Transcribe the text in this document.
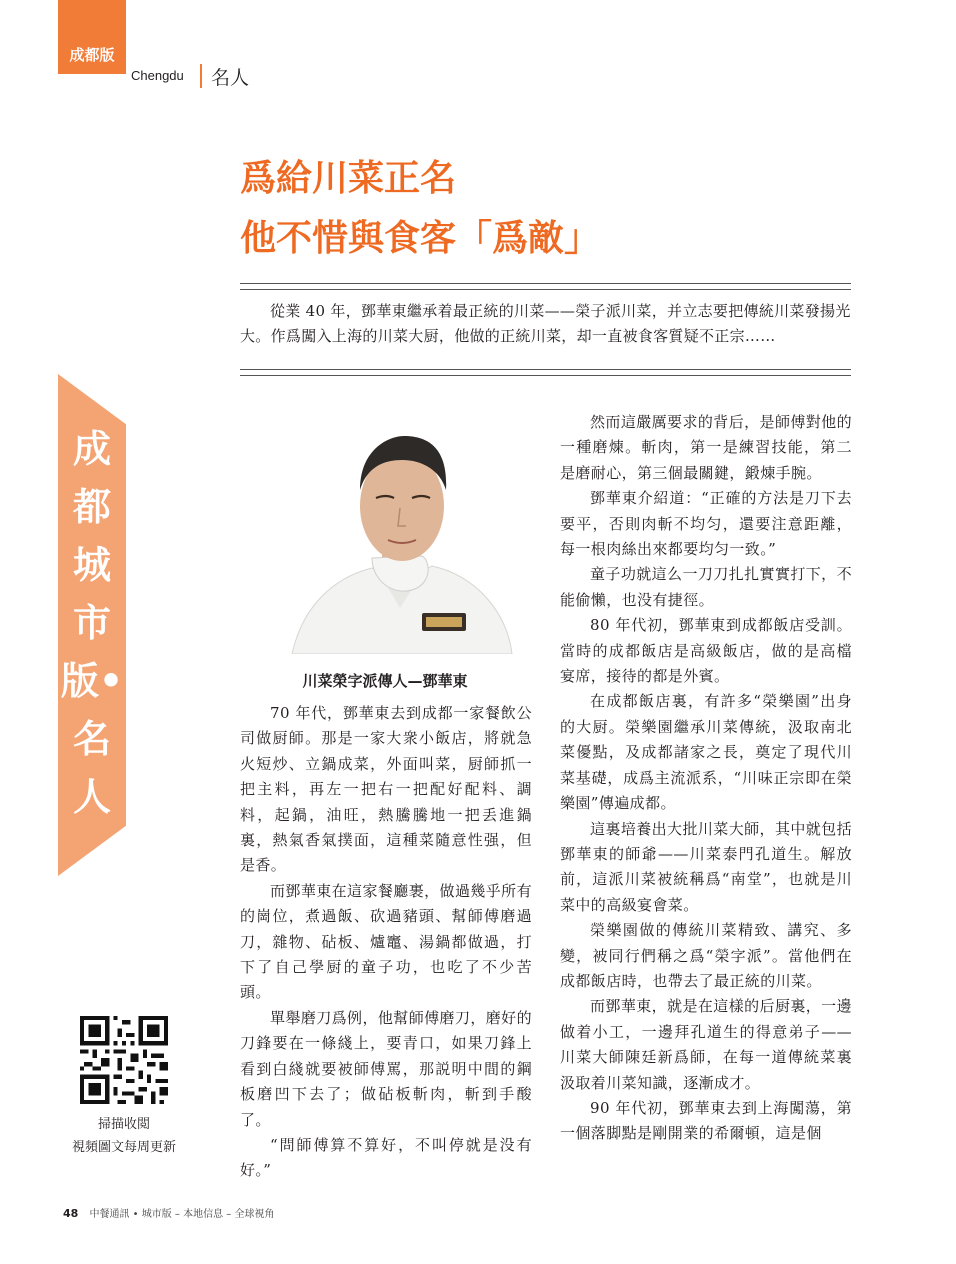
成都版
Chengdu 名人
爲給川菜正名
他不惜與食客「爲敵」

從業 40 年，鄧華東繼承着最正統的川菜——榮子派川菜，并立志要把傳統川菜發揚光大。作爲闖入上海的川菜大厨，他做的正統川菜，却一直被食客質疑不正宗……

成都城市版•名人
川菜榮字派傳人—鄧華東

70 年代，鄧華東去到成都一家餐飲公司做厨師。那是一家大衆小飯店，將就急火短炒、立鍋成菜，外面叫菜，厨師抓一把主料，再左一把右一把配好配料、調料，起鍋，油旺，熱騰騰地一把丢進鍋裏，熱氣香氣撲面，這種菜隨意性强，但是香。

而鄧華東在這家餐廳裹，做過幾乎所有的崗位，煮過飯、砍過豬頭、幫師傅磨過刀，雜物、砧板、爐竈、湯鍋都做過，打下了自己學厨的童子功，也吃了不少苦頭。

單舉磨刀爲例，他幫師傅磨刀，磨好的刀鋒要在一條綫上，要青口，如果刀鋒上看到白綫就要被師傅罵，那説明中間的鋼板磨凹下去了；做砧板斬肉，斬到手酸了。

“問師傅算不算好，不叫停就是没有好。”

然而這嚴厲要求的背后，是師傅對他的一種磨煉。斬肉，第一是練習技能，第二是磨耐心，第三個最關鍵，鍛煉手腕。

鄧華東介紹道：“正確的方法是刀下去要平，否則肉斬不均匀，還要注意距離，每一根肉絲出來都要均匀一致。”

童子功就這么一刀刀扎扎實實打下，不能偷懶，也没有捷徑。

80 年代初，鄧華東到成都飯店受訓。當時的成都飯店是高級飯店，做的是高檔宴席，接待的都是外賓。

在成都飯店裏，有許多“榮樂園”出身的大厨。榮樂園繼承川菜傳統，汲取南北菜優點，及成都諸家之長，奠定了現代川菜基礎，成爲主流派系，“川味正宗即在榮樂園”傳遍成都。

這裏培養出大批川菜大師，其中就包括鄧華東的師爺——川菜泰門孔道生。解放前，這派川菜被統稱爲“南堂”，也就是川菜中的高級宴會菜。

榮樂園做的傳統川菜精致、講究、多變，被同行們稱之爲“榮字派”。當他們在成都飯店時，也帶去了最正統的川菜。

而鄧華東，就是在這樣的后厨裏，一邊做着小工，一邊拜孔道生的得意弟子——川菜大師陳廷新爲師，在每一道傳統菜裏汲取着川菜知識，逐漸成才。

90 年代初，鄧華東去到上海闖蕩，第一個落脚點是剛開業的希爾頓，這是個

掃描收閲
視頻圖文每周更新
48 中餐通訊 • 城市版 – 本地信息 – 全球視角
